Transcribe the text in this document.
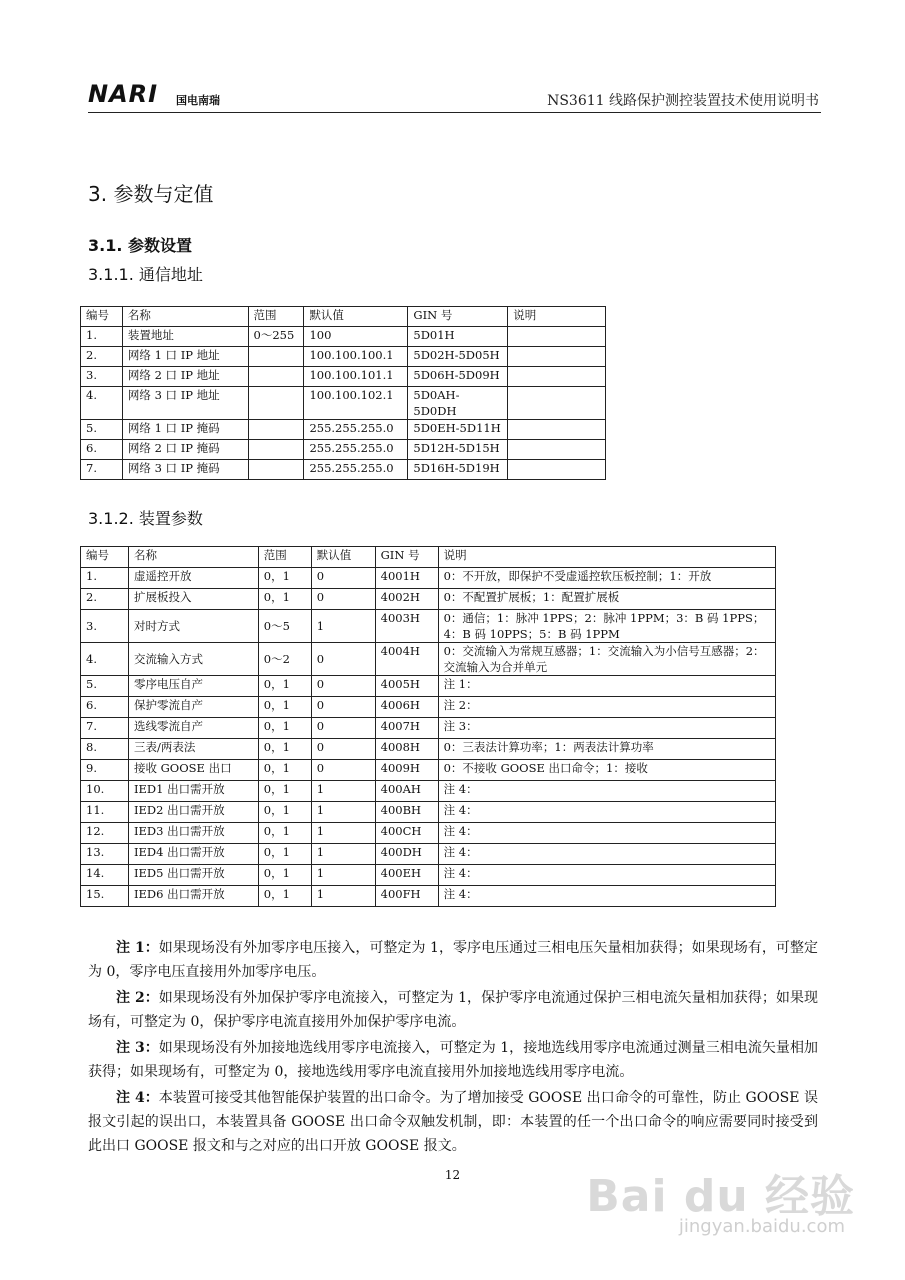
NARI 国电南瑞	NS3611 线路保护测控装置技术使用说明书
3. 参数与定值
3.1. 参数设置
3.1.1. 通信地址
编号	名称	范围	默认值	GIN 号	说明
1.	装置地址	0～255	100	5D01H	
2.	网络 1 口 IP 地址		100.100.100.1	5D02H-5D05H	
3.	网络 2 口 IP 地址		100.100.101.1	5D06H-5D09H	
4.	网络 3 口 IP 地址		100.100.102.1	5D0AH-5D0DH	
5.	网络 1 口 IP 掩码		255.255.255.0	5D0EH-5D11H	
6.	网络 2 口 IP 掩码		255.255.255.0	5D12H-5D15H	
7.	网络 3 口 IP 掩码		255.255.255.0	5D16H-5D19H	
3.1.2. 装置参数
编号	名称	范围	默认值	GIN 号	说明
1.	虚遥控开放	0，1	0	4001H	0：不开放，即保护不受虚遥控软压板控制；1：开放
2.	扩展板投入	0，1	0	4002H	0：不配置扩展板；1：配置扩展板
3.	对时方式	0～5	1	4003H	0：通信；1：脉冲 1PPS；2：脉冲 1PPM；3：B 码 1PPS；4：B 码 10PPS；5：B 码 1PPM
4.	交流输入方式	0～2	0	4004H	0：交流输入为常规互感器；1：交流输入为小信号互感器；2：交流输入为合并单元
5.	零序电压自产	0，1	0	4005H	注 1：
6.	保护零流自产	0，1	0	4006H	注 2：
7.	选线零流自产	0，1	0	4007H	注 3：
8.	三表/两表法	0，1	0	4008H	0：三表法计算功率；1：两表法计算功率
9.	接收 GOOSE 出口	0，1	0	4009H	0：不接收 GOOSE 出口命令；1：接收
10.	IED1 出口需开放	0，1	1	400AH	注 4：
11.	IED2 出口需开放	0，1	1	400BH	注 4：
12.	IED3 出口需开放	0，1	1	400CH	注 4：
13.	IED4 出口需开放	0，1	1	400DH	注 4：
14.	IED5 出口需开放	0，1	1	400EH	注 4：
15.	IED6 出口需开放	0，1	1	400FH	注 4：

注 1：如果现场没有外加零序电压接入，可整定为 1，零序电压通过三相电压矢量相加获得；如果现场有，可整定为 0，零序电压直接用外加零序电压。

注 2：如果现场没有外加保护零序电流接入，可整定为 1，保护零序电流通过保护三相电流矢量相加获得；如果现场有，可整定为 0，保护零序电流直接用外加保护零序电流。

注 3：如果现场没有外加接地选线用零序电流接入，可整定为 1，接地选线用零序电流通过测量三相电流矢量相加获得；如果现场有，可整定为 0，接地选线用零序电流直接用外加接地选线用零序电流。

注 4：本装置可接受其他智能保护装置的出口命令。为了增加接受 GOOSE 出口命令的可靠性，防止 GOOSE 误报文引起的误出口，本装置具备 GOOSE 出口命令双触发机制，即：本装置的任一个出口命令的响应需要同时接受到此出口 GOOSE 报文和与之对应的出口开放 GOOSE 报文。

12	Bai du 经验
jingyan.baidu.com
